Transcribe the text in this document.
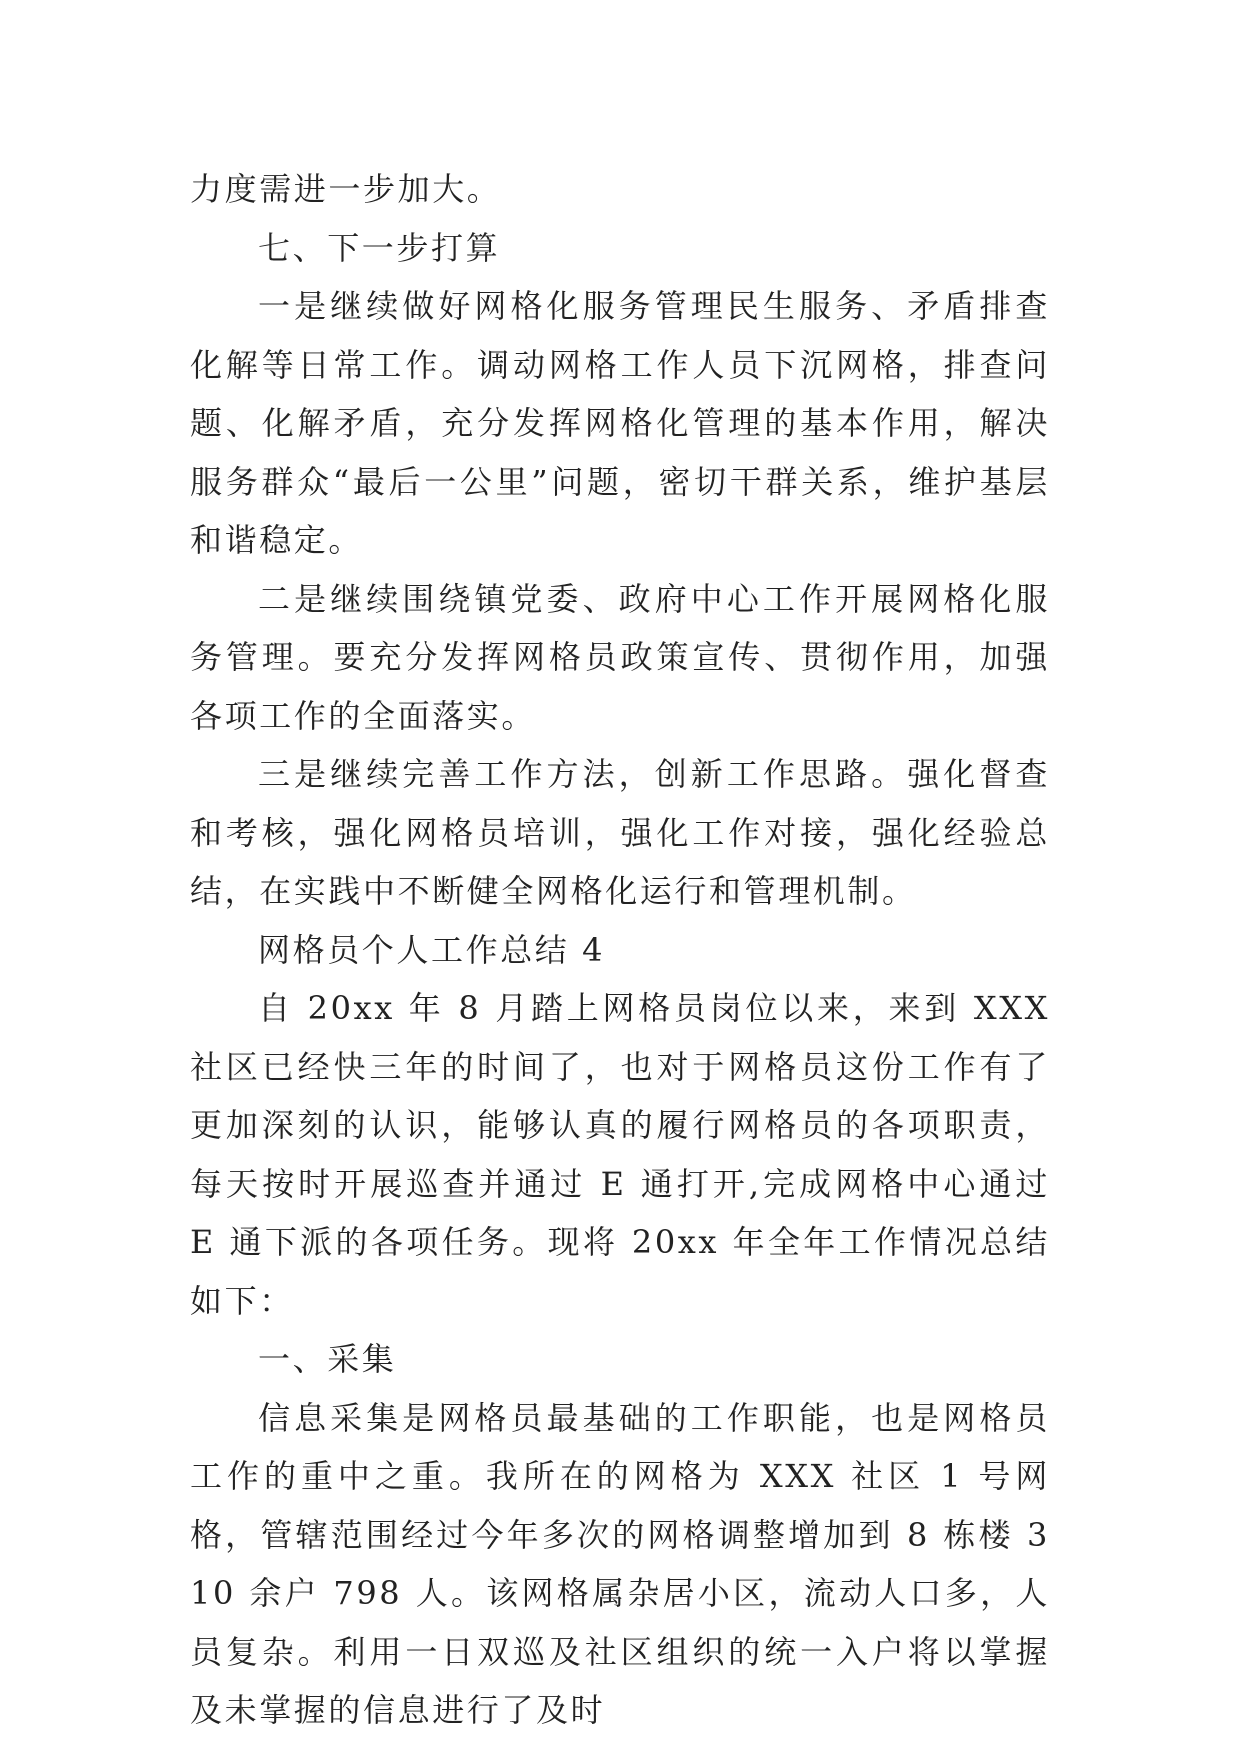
力度需进一步加大。

七、下一步打算

一是继续做好网格化服务管理民生服务、矛盾排查化解等日常工作。调动网格工作人员下沉网格，排查问题、化解矛盾，充分发挥网格化管理的基本作用，解决服务群众“最后一公里”问题，密切干群关系，维护基层和谐稳定。

二是继续围绕镇党委、政府中心工作开展网格化服务管理。要充分发挥网格员政策宣传、贯彻作用，加强各项工作的全面落实。

三是继续完善工作方法，创新工作思路。强化督查和考核，强化网格员培训，强化工作对接，强化经验总结，在实践中不断健全网格化运行和管理机制。

网格员个人工作总结 4

自 20xx 年 8 月踏上网格员岗位以来，来到 XXX 社区已经快三年的时间了，也对于网格员这份工作有了更加深刻的认识，能够认真的履行网格员的各项职责，每天按时开展巡查并通过 E 通打开,完成网格中心通过 E 通下派的各项任务。现将 20xx 年全年工作情况总结如下：

一、采集

信息采集是网格员最基础的工作职能，也是网格员工作的重中之重。我所在的网格为 XXX 社区 1 号网格，管辖范围经过今年多次的网格调整增加到 8 栋楼 310 余户 798 人。该网格属杂居小区，流动人口多，人员复杂。利用一日双巡及社区组织的统一入户将以掌握及未掌握的信息进行了及时
